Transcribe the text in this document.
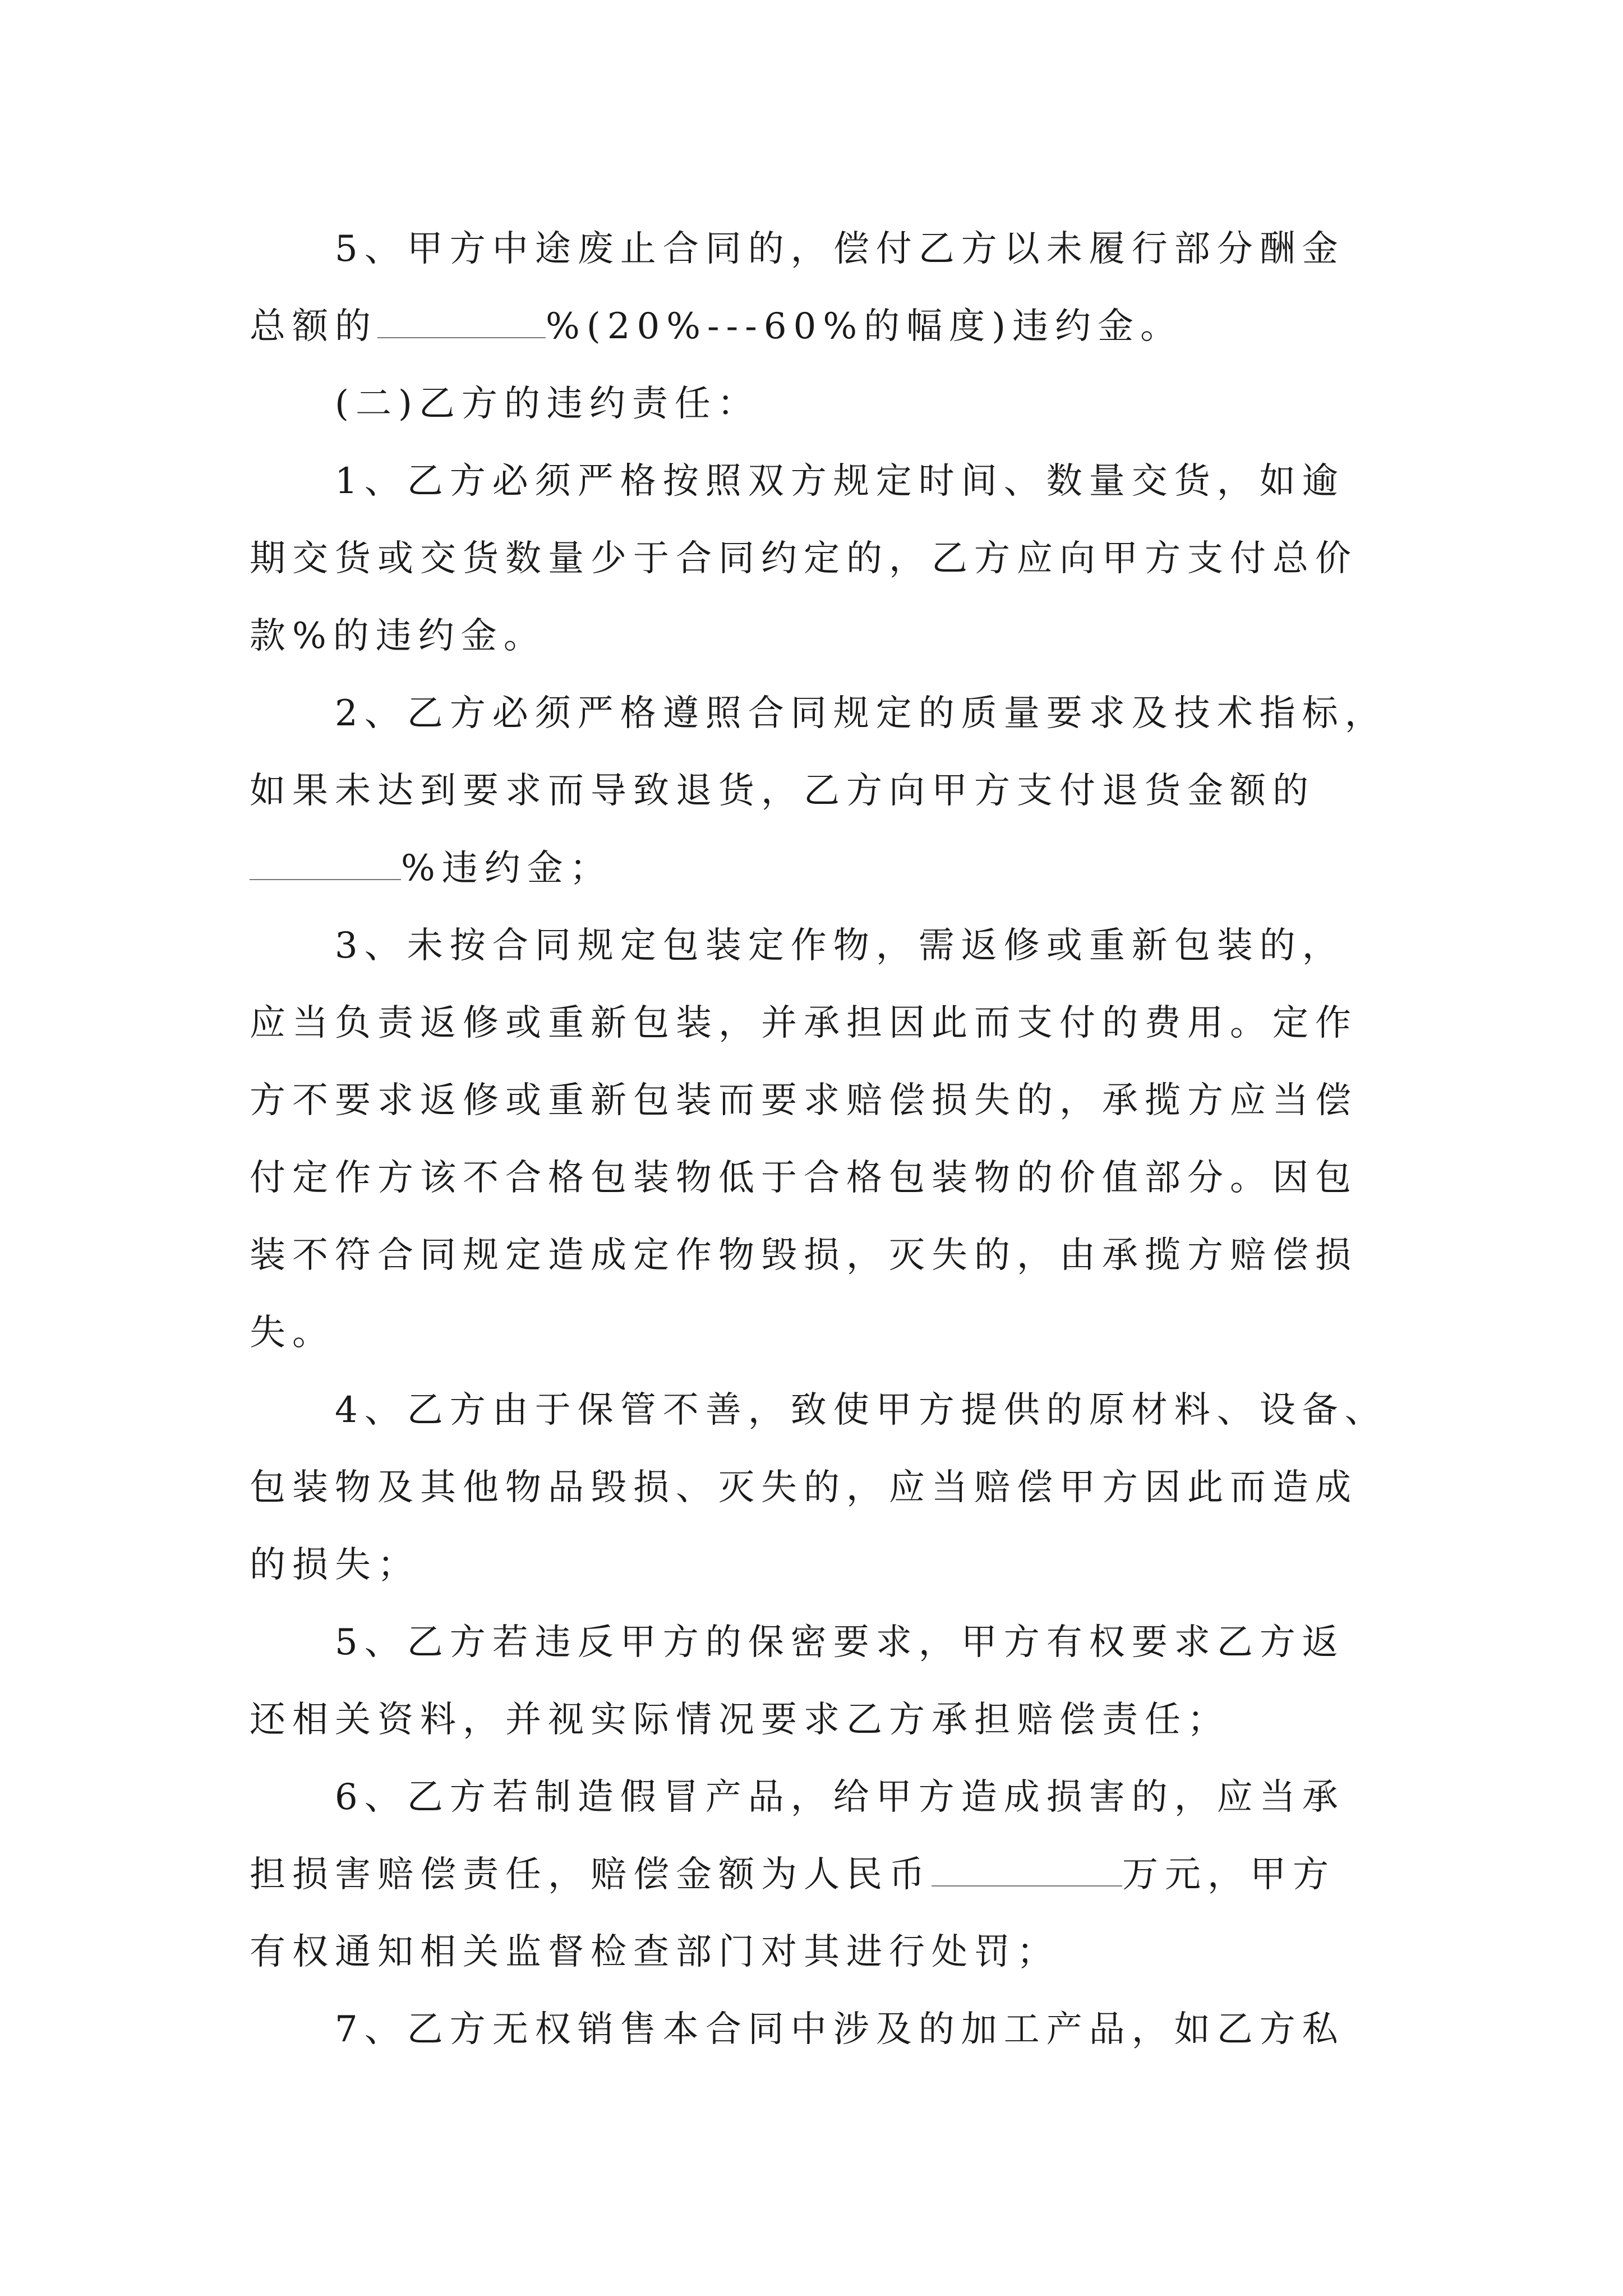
5、甲方中途废止合同的，偿付乙方以未履行部分酬金
总额的	%(20%---60%的幅度)违约金。
(二)乙方的违约责任：
1、乙方必须严格按照双方规定时间、数量交货，如逾
期交货或交货数量少于合同约定的，乙方应向甲方支付总价
款%的违约金。
2、乙方必须严格遵照合同规定的质量要求及技术指标，
如果未达到要求而导致退货，乙方向甲方支付退货金额的
%违约金；
3、未按合同规定包装定作物，需返修或重新包装的，
应当负责返修或重新包装，并承担因此而支付的费用。定作
方不要求返修或重新包装而要求赔偿损失的，承揽方应当偿
付定作方该不合格包装物低于合格包装物的价值部分。因包
装不符合同规定造成定作物毁损，灭失的，由承揽方赔偿损
失。
4、乙方由于保管不善，致使甲方提供的原材料、设备、
包装物及其他物品毁损、灭失的，应当赔偿甲方因此而造成
的损失；
5、乙方若违反甲方的保密要求，甲方有权要求乙方返
还相关资料，并视实际情况要求乙方承担赔偿责任；
6、乙方若制造假冒产品，给甲方造成损害的，应当承
担损害赔偿责任，赔偿金额为人民币	万元，甲方
有权通知相关监督检查部门对其进行处罚；
7、乙方无权销售本合同中涉及的加工产品，如乙方私
